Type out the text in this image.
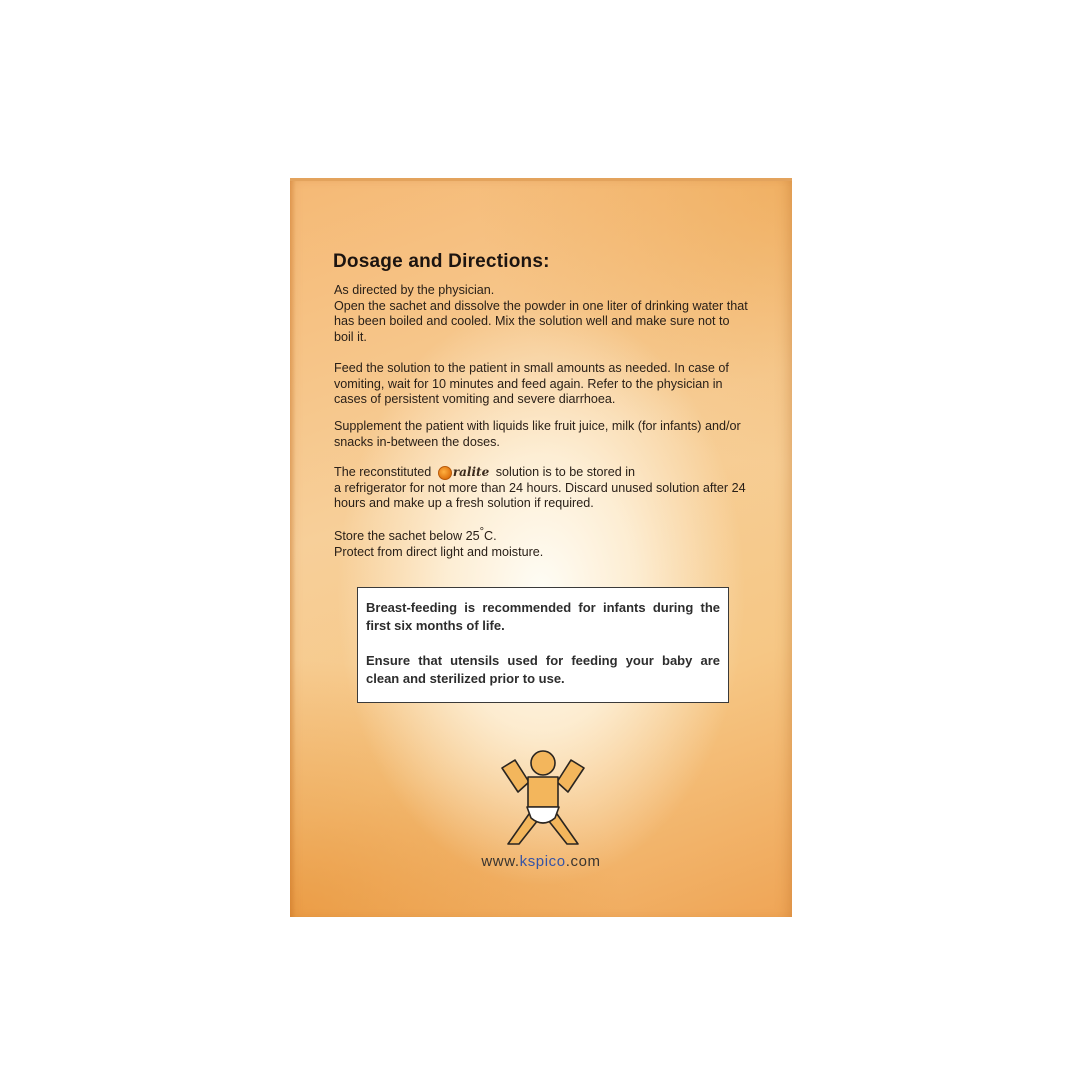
Dosage and Directions:

As directed by the physician.
Open the sachet and dissolve the powder in one liter of drinking water that has been boiled and cooled. Mix the solution well and make sure not to boil it.

Feed the solution to the patient in small amounts as needed. In case of vomiting, wait for 10 minutes and feed again. Refer to the physician in cases of persistent vomiting and severe diarrhoea.

Supplement the patient with liquids like fruit juice, milk (for infants) and/or snacks in-between the doses.

The reconstituted ralite solution is to be stored in
a refrigerator for not more than 24 hours. Discard unused solution after 24 hours and make up a fresh solution if required.

Store the sachet below 25°C.
Protect from direct light and moisture.

Breast-feeding is recommended for infants during the first six months of life.

Ensure that utensils used for feeding your baby are clean and sterilized prior to use.

www.kspico.com
